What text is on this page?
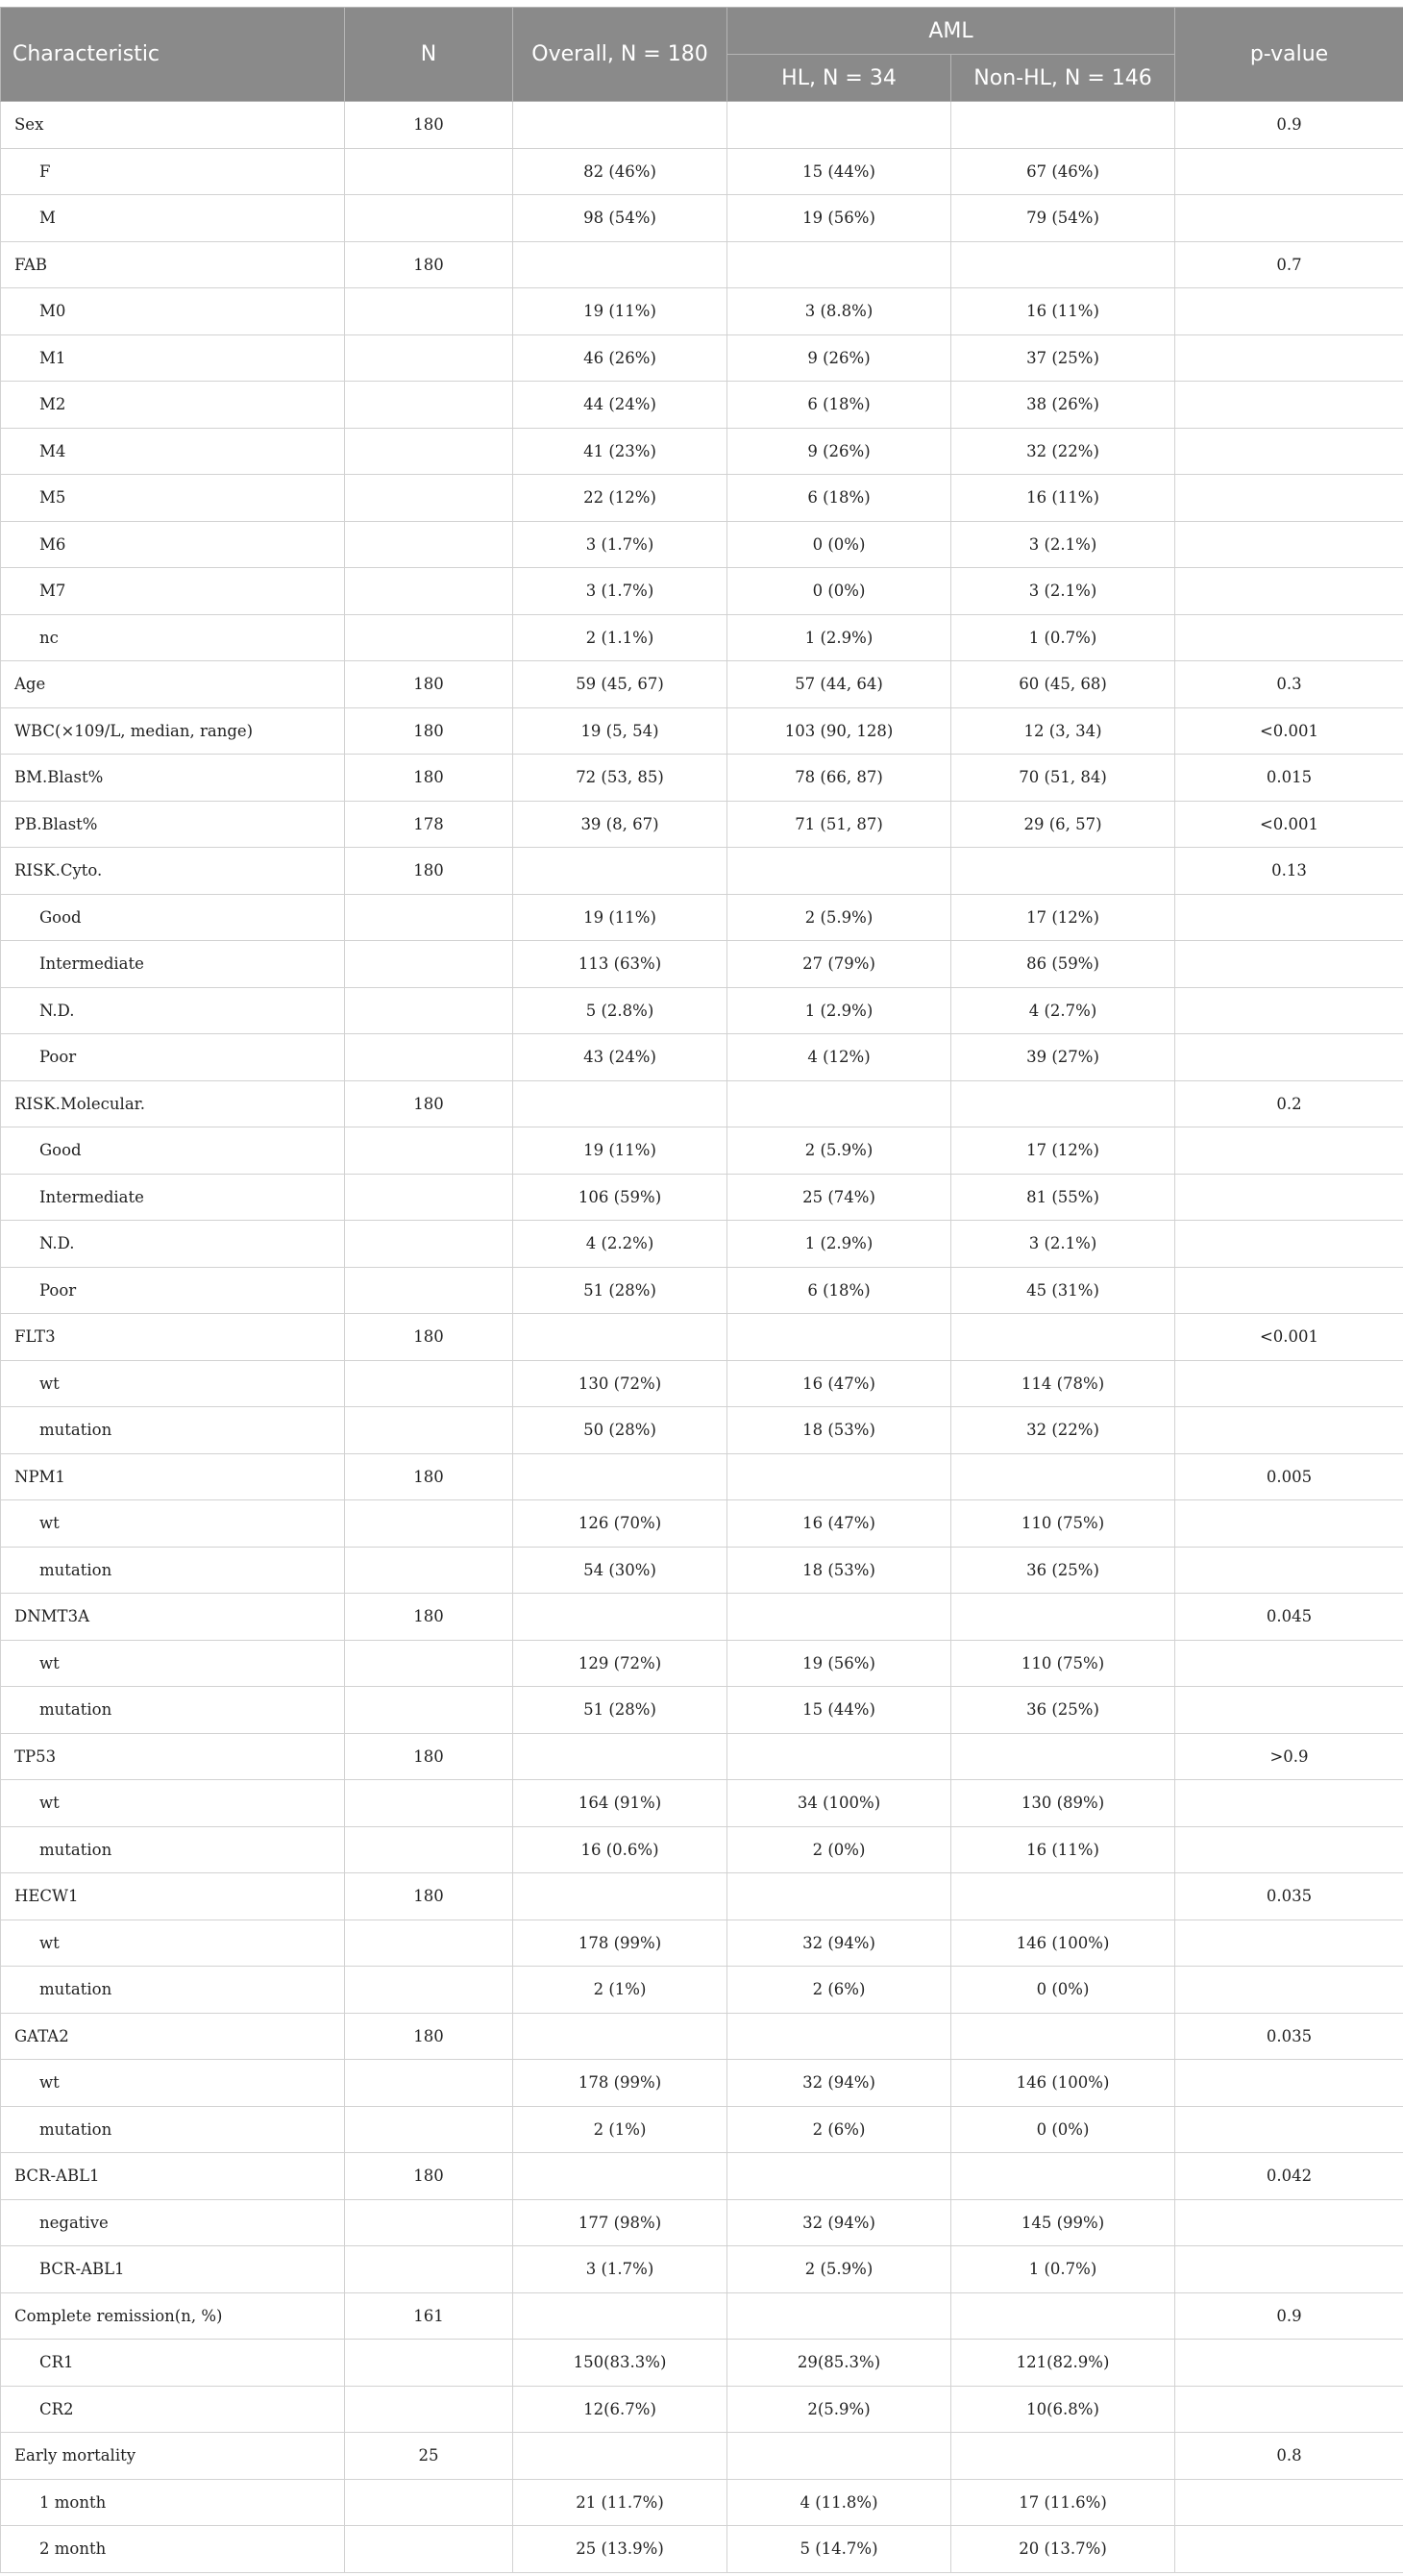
Characteristic	N	Overall, N = 180	AML		p-value
			HL, N = 34	Non-HL, N = 146	
Sex	180				0.9
F		82 (46%)	15 (44%)	67 (46%)	
M		98 (54%)	19 (56%)	79 (54%)	
FAB	180				0.7
M0		19 (11%)	3 (8.8%)	16 (11%)	
M1		46 (26%)	9 (26%)	37 (25%)	
M2		44 (24%)	6 (18%)	38 (26%)	
M4		41 (23%)	9 (26%)	32 (22%)	
M5		22 (12%)	6 (18%)	16 (11%)	
M6		3 (1.7%)	0 (0%)	3 (2.1%)	
M7		3 (1.7%)	0 (0%)	3 (2.1%)	
nc		2 (1.1%)	1 (2.9%)	1 (0.7%)	
Age	180	59 (45, 67)	57 (44, 64)	60 (45, 68)	0.3
WBC(×109/L, median, range)	180	19 (5, 54)	103 (90, 128)	12 (3, 34)	<0.001
BM.Blast%	180	72 (53, 85)	78 (66, 87)	70 (51, 84)	0.015
PB.Blast%	178	39 (8, 67)	71 (51, 87)	29 (6, 57)	<0.001
RISK.Cyto.	180				0.13
Good		19 (11%)	2 (5.9%)	17 (12%)	
Intermediate		113 (63%)	27 (79%)	86 (59%)	
N.D.		5 (2.8%)	1 (2.9%)	4 (2.7%)	
Poor		43 (24%)	4 (12%)	39 (27%)	
RISK.Molecular.	180				0.2
Good		19 (11%)	2 (5.9%)	17 (12%)	
Intermediate		106 (59%)	25 (74%)	81 (55%)	
N.D.		4 (2.2%)	1 (2.9%)	3 (2.1%)	
Poor		51 (28%)	6 (18%)	45 (31%)	
FLT3	180				<0.001
wt		130 (72%)	16 (47%)	114 (78%)	
mutation		50 (28%)	18 (53%)	32 (22%)	
NPM1	180				0.005
wt		126 (70%)	16 (47%)	110 (75%)	
mutation		54 (30%)	18 (53%)	36 (25%)	
DNMT3A	180				0.045
wt		129 (72%)	19 (56%)	110 (75%)	
mutation		51 (28%)	15 (44%)	36 (25%)	
TP53	180				>0.9
wt		164 (91%)	34 (100%)	130 (89%)	
mutation		16 (0.6%)	2 (0%)	16 (11%)	
HECW1	180				0.035
wt		178 (99%)	32 (94%)	146 (100%)	
mutation		2 (1%)	2 (6%)	0 (0%)	
GATA2	180				0.035
wt		178 (99%)	32 (94%)	146 (100%)	
mutation		2 (1%)	2 (6%)	0 (0%)	
BCR-ABL1	180				0.042
negative		177 (98%)	32 (94%)	145 (99%)	
BCR-ABL1		3 (1.7%)	2 (5.9%)	1 (0.7%)	
Complete remission(n, %)	161				0.9
CR1		150(83.3%)	29(85.3%)	121(82.9%)	
CR2		12(6.7%)	2(5.9%)	10(6.8%)	
Early mortality	25				0.8
1 month		21 (11.7%)	4 (11.8%)	17 (11.6%)	
2 month		25 (13.9%)	5 (14.7%)	20 (13.7%)	
